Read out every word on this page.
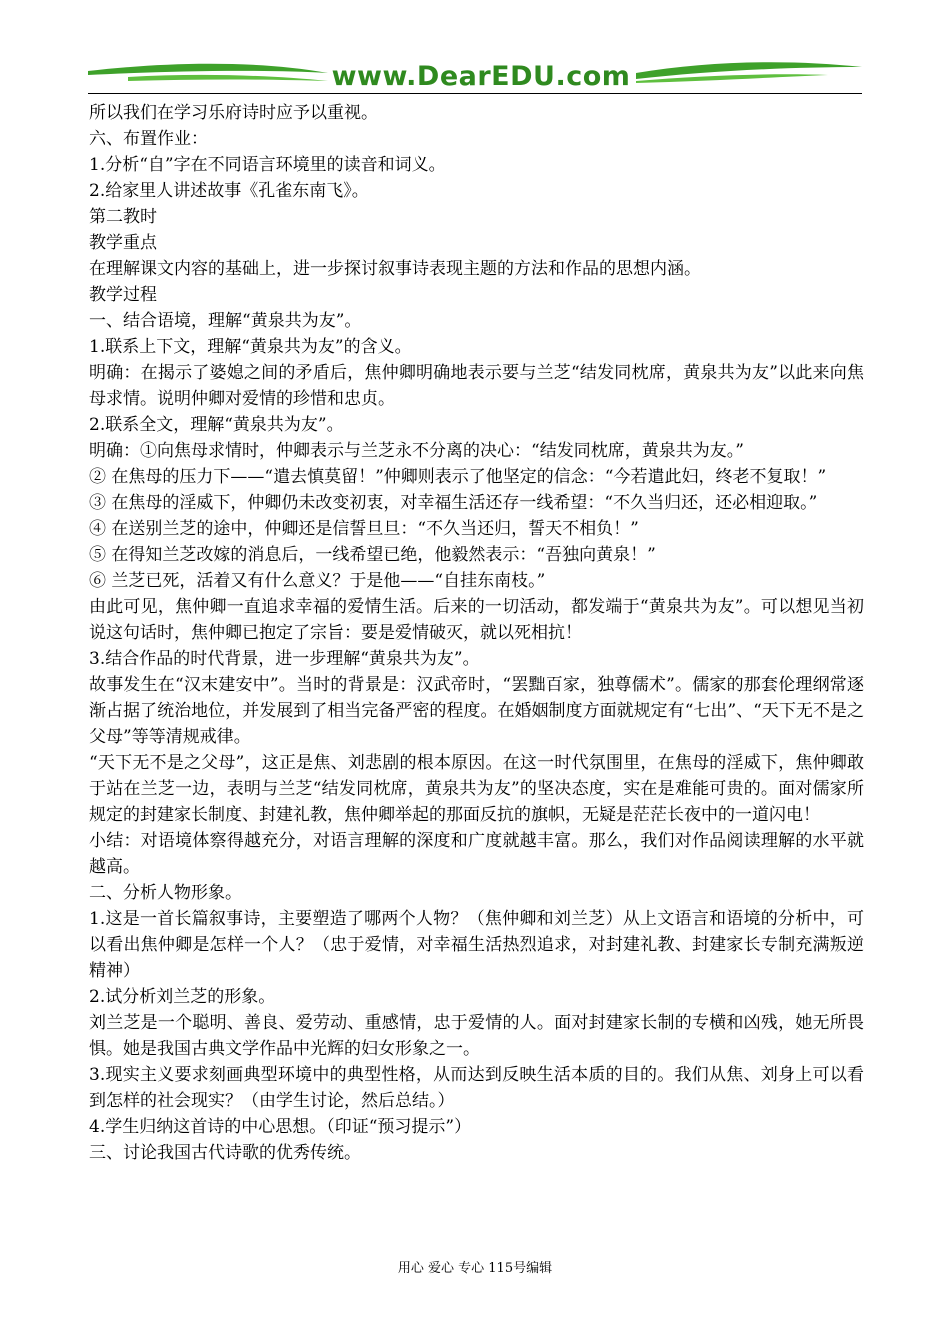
www.DearEDU.com

所以我们在学习乐府诗时应予以重视。

六、布置作业：

1.分析“自”字在不同语言环境里的读音和词义。

2.给家里人讲述故事《孔雀东南飞》。

第二教时

教学重点

在理解课文内容的基础上，进一步探讨叙事诗表现主题的方法和作品的思想内涵。

教学过程

一、结合语境，理解“黄泉共为友”。

1.联系上下文，理解“黄泉共为友”的含义。

明确：在揭示了婆媳之间的矛盾后，焦仲卿明确地表示要与兰芝“结发同枕席，黄泉共为友”以此来向焦母求情。说明仲卿对爱情的珍惜和忠贞。

2.联系全文，理解“黄泉共为友”。

明确：①向焦母求情时，仲卿表示与兰芝永不分离的决心：“结发同枕席，黄泉共为友。”

② 在焦母的压力下——“遣去慎莫留！”仲卿则表示了他坚定的信念：“今若遣此妇，终老不复取！”

③ 在焦母的淫威下，仲卿仍未改变初衷，对幸福生活还存一线希望：“不久当归还，还必相迎取。”

④ 在送别兰芝的途中，仲卿还是信誓旦旦：“不久当还归，誓天不相负！”

⑤ 在得知兰芝改嫁的消息后，一线希望已绝，他毅然表示：“吾独向黄泉！”

⑥ 兰芝已死，活着又有什么意义？于是他——“自挂东南枝。”

由此可见，焦仲卿一直追求幸福的爱情生活。后来的一切活动，都发端于“黄泉共为友”。可以想见当初说这句话时，焦仲卿已抱定了宗旨：要是爱情破灭，就以死相抗！

3.结合作品的时代背景，进一步理解“黄泉共为友”。

故事发生在“汉末建安中”。当时的背景是：汉武帝时，“罢黜百家，独尊儒术”。儒家的那套伦理纲常逐渐占据了统治地位，并发展到了相当完备严密的程度。在婚姻制度方面就规定有“七出”、“天下无不是之父母”等等清规戒律。

“天下无不是之父母”，这正是焦、刘悲剧的根本原因。在这一时代氛围里，在焦母的淫威下，焦仲卿敢于站在兰芝一边，表明与兰芝“结发同枕席，黄泉共为友”的坚决态度，实在是难能可贵的。面对儒家所规定的封建家长制度、封建礼教，焦仲卿举起的那面反抗的旗帜，无疑是茫茫长夜中的一道闪电！

小结：对语境体察得越充分，对语言理解的深度和广度就越丰富。那么，我们对作品阅读理解的水平就越高。

二、分析人物形象。

1.这是一首长篇叙事诗，主要塑造了哪两个人物？（焦仲卿和刘兰芝）从上文语言和语境的分析中，可以看出焦仲卿是怎样一个人？（忠于爱情，对幸福生活热烈追求，对封建礼教、封建家长专制充满叛逆精神）

2.试分析刘兰芝的形象。

刘兰芝是一个聪明、善良、爱劳动、重感情，忠于爱情的人。面对封建家长制的专横和凶残，她无所畏惧。她是我国古典文学作品中光辉的妇女形象之一。

3.现实主义要求刻画典型环境中的典型性格，从而达到反映生活本质的目的。我们从焦、刘身上可以看到怎样的社会现实？（由学生讨论，然后总结。）

4.学生归纳这首诗的中心思想。（印证“预习提示”）

三、讨论我国古代诗歌的优秀传统。

用心 爱心 专心 115号编辑
